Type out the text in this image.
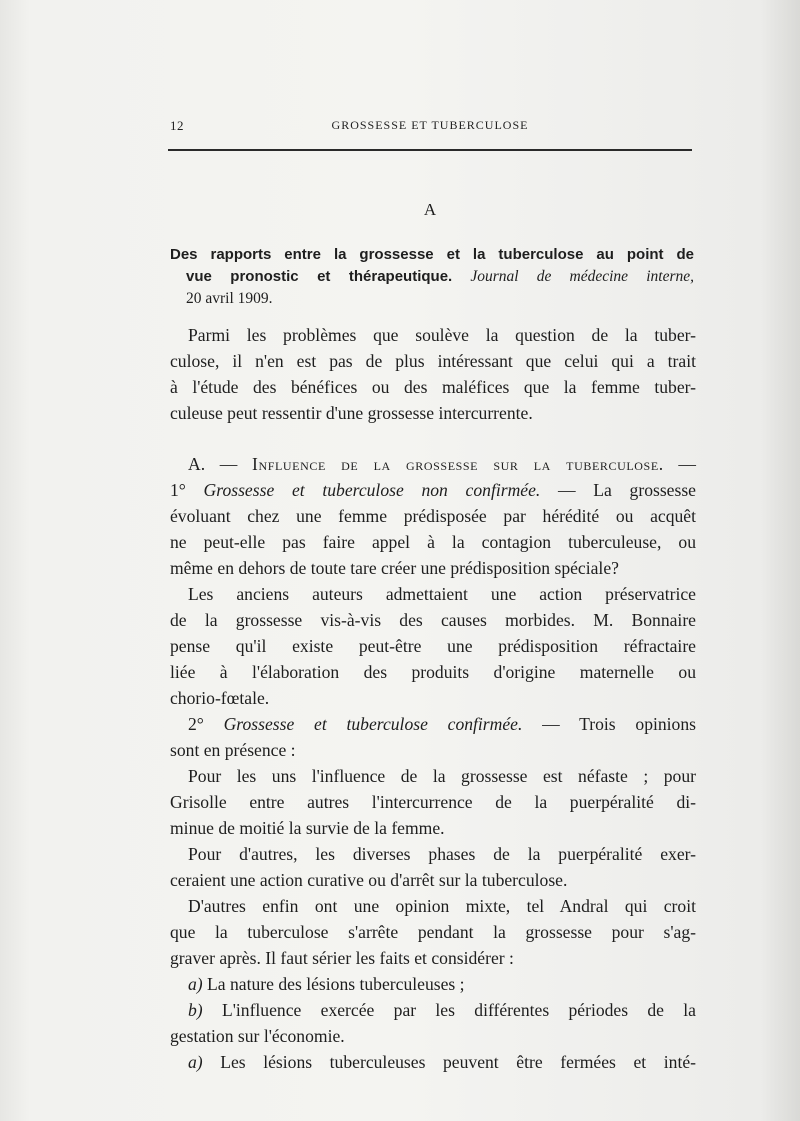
12	GROSSESSE ET TUBERCULOSE
A
Des rapports entre la grossesse et la tuberculose au point de
vue pronostic et thérapeutique. Journal de médecine interne,
20 avril 1909.
Parmi les problèmes que soulève la question de la tuber-
culose, il n'en est pas de plus intéressant que celui qui a trait
à l'étude des bénéfices ou des maléfices que la femme tuber-
culeuse peut ressentir d'une grossesse intercurrente.
A. — Influence de la grossesse sur la tuberculose. —
1° Grossesse et tuberculose non confirmée. — La grossesse
évoluant chez une femme prédisposée par hérédité ou acquêt
ne peut-elle pas faire appel à la contagion tuberculeuse, ou
même en dehors de toute tare créer une prédisposition spéciale?
Les anciens auteurs admettaient une action préservatrice
de la grossesse vis-à-vis des causes morbides. M. Bonnaire
pense qu'il existe peut-être une prédisposition réfractaire
liée à l'élaboration des produits d'origine maternelle ou
chorio-fœtale.
2° Grossesse et tuberculose confirmée. — Trois opinions
sont en présence :
Pour les uns l'influence de la grossesse est néfaste ; pour
Grisolle entre autres l'intercurrence de la puerpéralité di-
minue de moitié la survie de la femme.
Pour d'autres, les diverses phases de la puerpéralité exer-
ceraient une action curative ou d'arrêt sur la tuberculose.
D'autres enfin ont une opinion mixte, tel Andral qui croit
que la tuberculose s'arrête pendant la grossesse pour s'ag-
graver après. Il faut sérier les faits et considérer :
a) La nature des lésions tuberculeuses ;
b) L'influence exercée par les différentes périodes de la
gestation sur l'économie.
a) Les lésions tuberculeuses peuvent être fermées et inté-
